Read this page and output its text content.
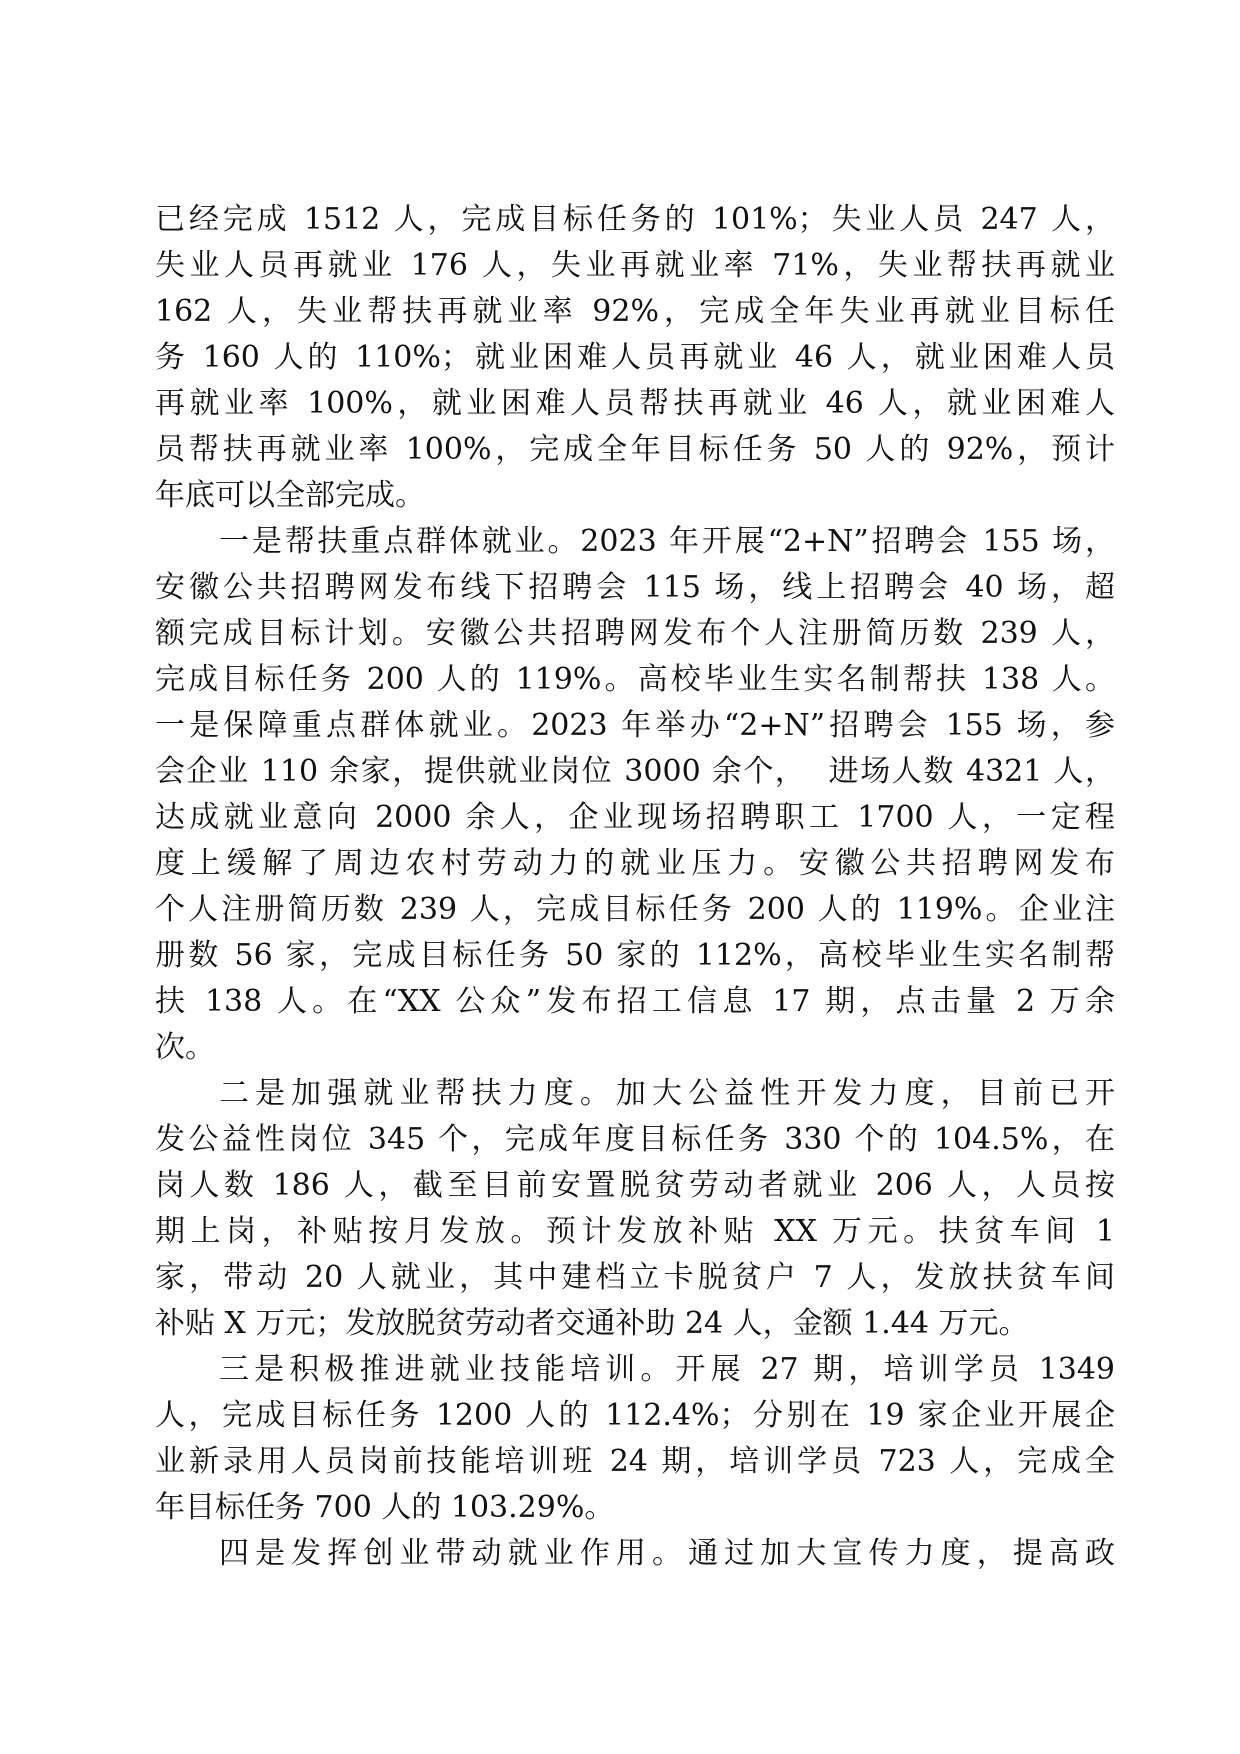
已经完成 1512 人，完成目标任务的 101%；失业人员 247 人，
失业人员再就业 176 人，失业再就业率 71%，失业帮扶再就业
162 人，失业帮扶再就业率 92%，完成全年失业再就业目标任
务 160 人的 110%；就业困难人员再就业 46 人，就业困难人员
再就业率 100%，就业困难人员帮扶再就业 46 人，就业困难人
员帮扶再就业率 100%，完成全年目标任务 50 人的 92%，预计
年底可以全部完成。
一是帮扶重点群体就业。2023 年开展“2+N”招聘会 155 场，
安徽公共招聘网发布线下招聘会 115 场，线上招聘会 40 场，超
额完成目标计划。安徽公共招聘网发布个人注册简历数 239 人，
完成目标任务 200 人的 119%。高校毕业生实名制帮扶 138 人。
一是保障重点群体就业。2023 年举办“2+N”招聘会 155 场，参
会企业 110 余家，提供就业岗位 3000 余个，  进场人数 4321 人，
达成就业意向 2000 余人，企业现场招聘职工 1700 人，一定程
度上缓解了周边农村劳动力的就业压力。安徽公共招聘网发布
个人注册简历数 239 人，完成目标任务 200 人的 119%。企业注
册数 56 家，完成目标任务 50 家的 112%，高校毕业生实名制帮
扶 138 人。在“XX 公众”发布招工信息 17 期，点击量 2 万余
次。
二是加强就业帮扶力度。加大公益性开发力度，目前已开
发公益性岗位 345 个，完成年度目标任务 330 个的 104.5%，在
岗人数 186 人，截至目前安置脱贫劳动者就业 206 人，人员按
期上岗，补贴按月发放。预计发放补贴 XX 万元。扶贫车间 1
家，带动 20 人就业，其中建档立卡脱贫户 7 人，发放扶贫车间
补贴 X 万元；发放脱贫劳动者交通补助 24 人，金额 1.44 万元。
三是积极推进就业技能培训。开展 27 期，培训学员 1349
人，完成目标任务 1200 人的 112.4%；分别在 19 家企业开展企
业新录用人员岗前技能培训班 24 期，培训学员 723 人，完成全
年目标任务 700 人的 103.29%。
四是发挥创业带动就业作用。通过加大宣传力度，提高政
